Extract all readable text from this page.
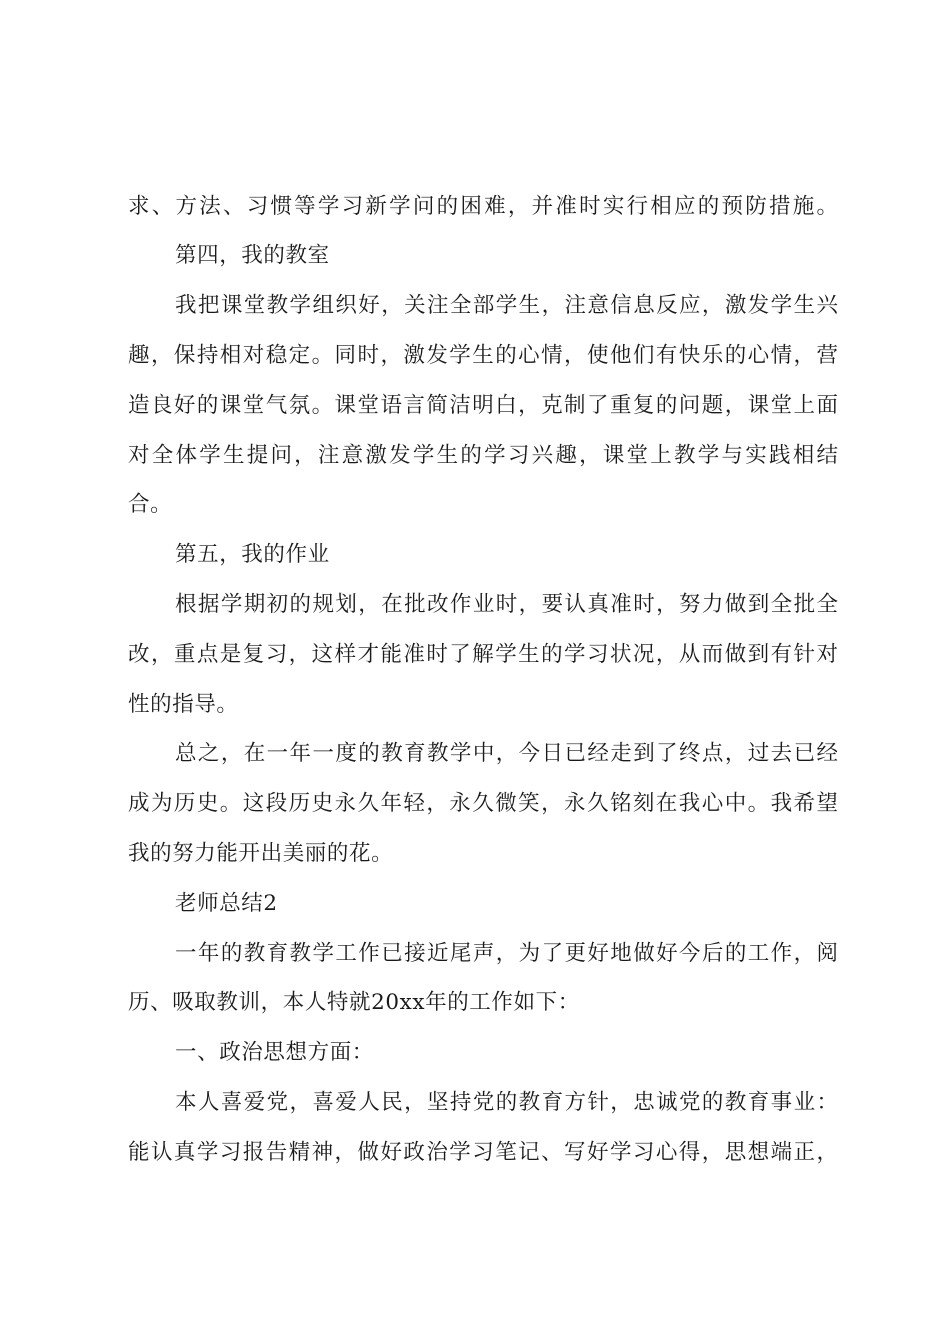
求、方法、习惯等学习新学问的困难，并准时实行相应的预防措施。

第四，我的教室

我把课堂教学组织好，关注全部学生，注意信息反应，激发学生兴

趣，保持相对稳定。同时，激发学生的心情，使他们有快乐的心情，营

造良好的课堂气氛。课堂语言简洁明白，克制了重复的问题，课堂上面

对全体学生提问，注意激发学生的学习兴趣，课堂上教学与实践相结

合。

第五，我的作业

根据学期初的规划，在批改作业时，要认真准时，努力做到全批全

改，重点是复习，这样才能准时了解学生的学习状况，从而做到有针对

性的指导。

总之，在一年一度的教育教学中，今日已经走到了终点，过去已经

成为历史。这段历史永久年轻，永久微笑，永久铭刻在我心中。我希望

我的努力能开出美丽的花。

老师总结2

一年的教育教学工作已接近尾声，为了更好地做好今后的工作，阅

历、吸取教训，本人特就20xx年的工作如下：

一、政治思想方面：

本人喜爱党，喜爱人民，坚持党的教育方针，忠诚党的教育事业：

能认真学习报告精神，做好政治学习笔记、写好学习心得，思想端正，
